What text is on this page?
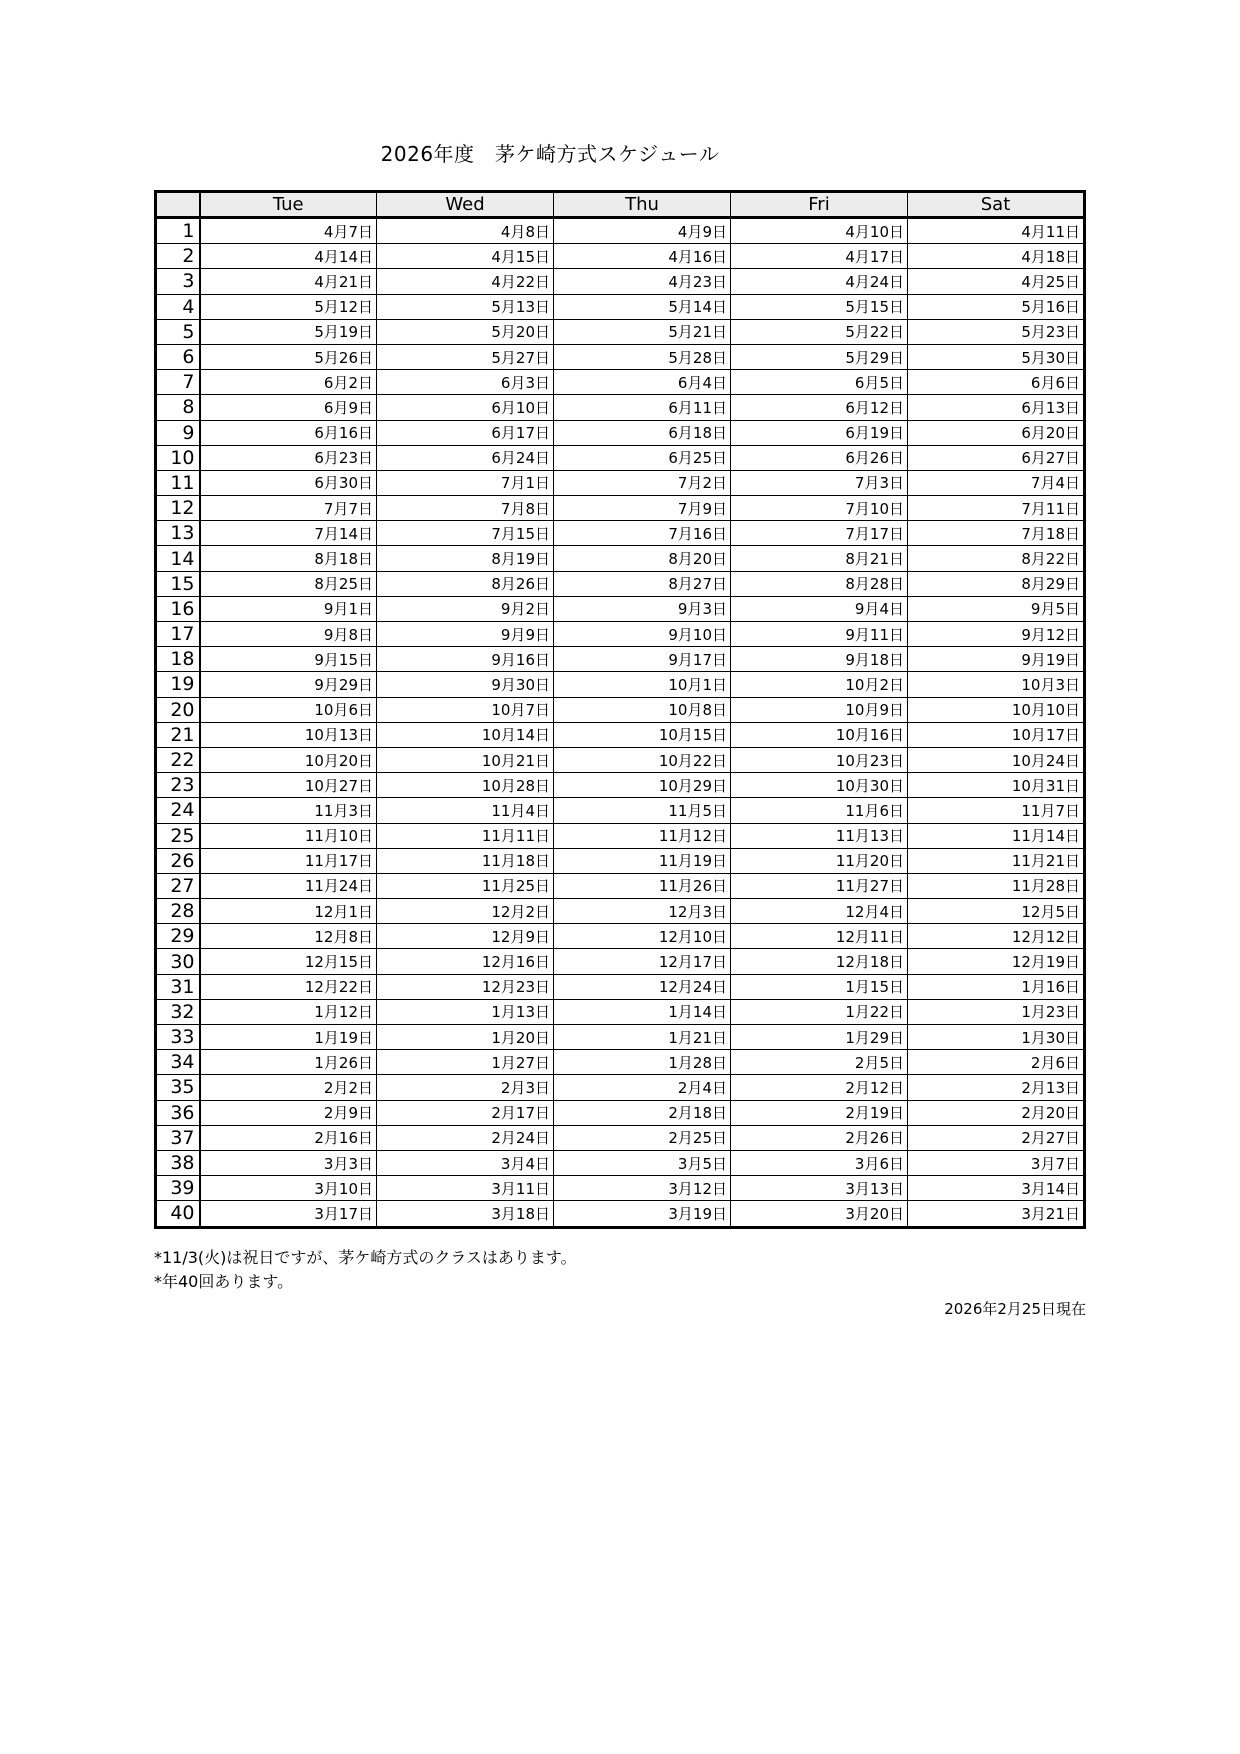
2026年度　茅ケ崎方式スケジュール
	Tue	Wed	Thu	Fri	Sat
1	4月7日	4月8日	4月9日	4月10日	4月11日
2	4月14日	4月15日	4月16日	4月17日	4月18日
3	4月21日	4月22日	4月23日	4月24日	4月25日
4	5月12日	5月13日	5月14日	5月15日	5月16日
5	5月19日	5月20日	5月21日	5月22日	5月23日
6	5月26日	5月27日	5月28日	5月29日	5月30日
7	6月2日	6月3日	6月4日	6月5日	6月6日
8	6月9日	6月10日	6月11日	6月12日	6月13日
9	6月16日	6月17日	6月18日	6月19日	6月20日
10	6月23日	6月24日	6月25日	6月26日	6月27日
11	6月30日	7月1日	7月2日	7月3日	7月4日
12	7月7日	7月8日	7月9日	7月10日	7月11日
13	7月14日	7月15日	7月16日	7月17日	7月18日
14	8月18日	8月19日	8月20日	8月21日	8月22日
15	8月25日	8月26日	8月27日	8月28日	8月29日
16	9月1日	9月2日	9月3日	9月4日	9月5日
17	9月8日	9月9日	9月10日	9月11日	9月12日
18	9月15日	9月16日	9月17日	9月18日	9月19日
19	9月29日	9月30日	10月1日	10月2日	10月3日
20	10月6日	10月7日	10月8日	10月9日	10月10日
21	10月13日	10月14日	10月15日	10月16日	10月17日
22	10月20日	10月21日	10月22日	10月23日	10月24日
23	10月27日	10月28日	10月29日	10月30日	10月31日
24	11月3日	11月4日	11月5日	11月6日	11月7日
25	11月10日	11月11日	11月12日	11月13日	11月14日
26	11月17日	11月18日	11月19日	11月20日	11月21日
27	11月24日	11月25日	11月26日	11月27日	11月28日
28	12月1日	12月2日	12月3日	12月4日	12月5日
29	12月8日	12月9日	12月10日	12月11日	12月12日
30	12月15日	12月16日	12月17日	12月18日	12月19日
31	12月22日	12月23日	12月24日	1月15日	1月16日
32	1月12日	1月13日	1月14日	1月22日	1月23日
33	1月19日	1月20日	1月21日	1月29日	1月30日
34	1月26日	1月27日	1月28日	2月5日	2月6日
35	2月2日	2月3日	2月4日	2月12日	2月13日
36	2月9日	2月17日	2月18日	2月19日	2月20日
37	2月16日	2月24日	2月25日	2月26日	2月27日
38	3月3日	3月4日	3月5日	3月6日	3月7日
39	3月10日	3月11日	3月12日	3月13日	3月14日
40	3月17日	3月18日	3月19日	3月20日	3月21日
*11/3(火)は祝日ですが、茅ケ崎方式のクラスはあります。
*年40回あります。
2026年2月25日現在
